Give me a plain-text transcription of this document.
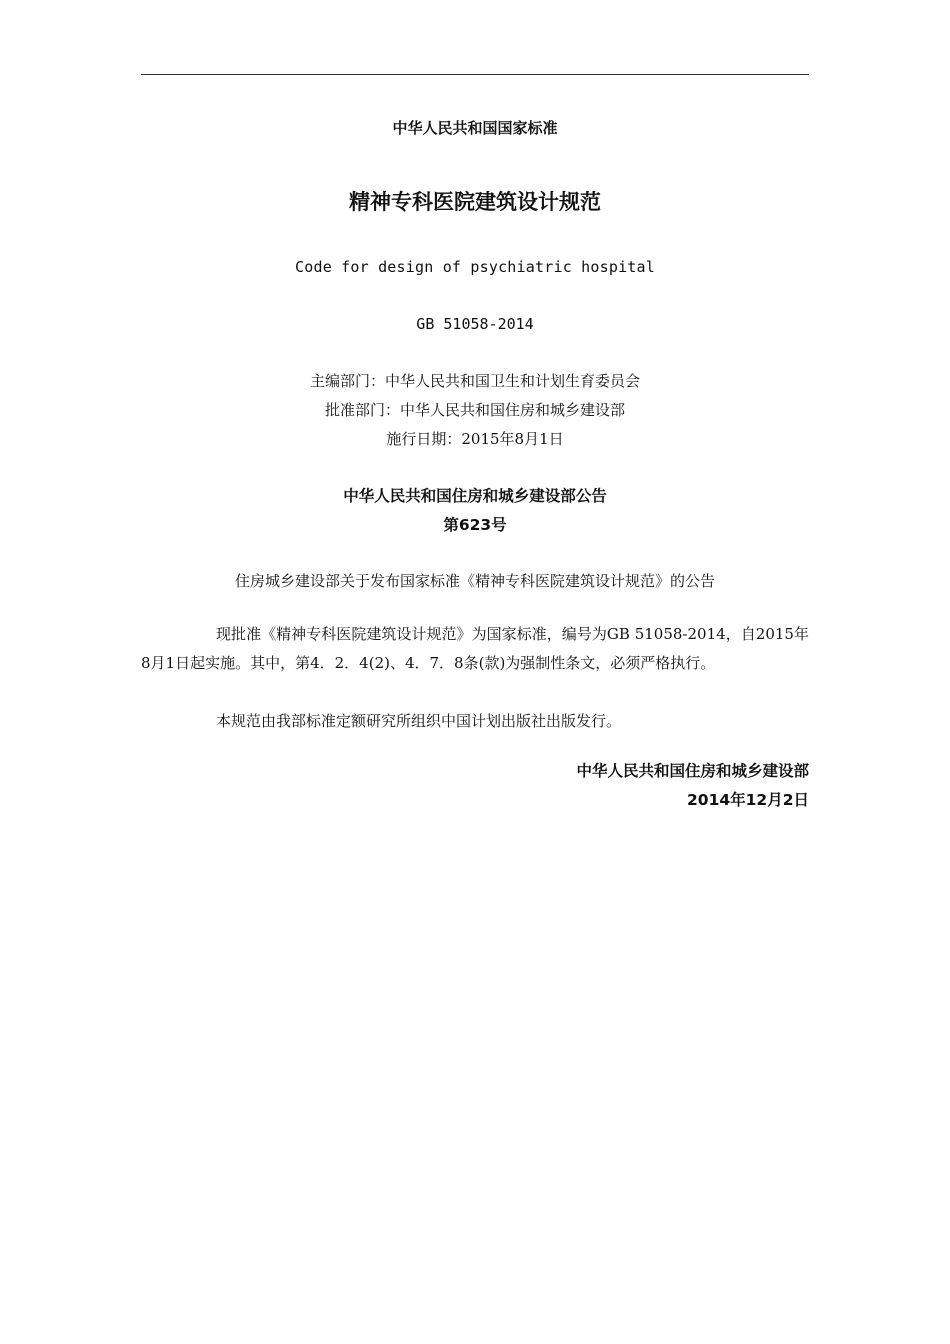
中华人民共和国国家标准
精神专科医院建筑设计规范
Code for design of psychiatric hospital
GB 51058-2014
主编部门：中华人民共和国卫生和计划生育委员会
批准部门：中华人民共和国住房和城乡建设部
施行日期：2015年8月1日
中华人民共和国住房和城乡建设部公告
第623号
住房城乡建设部关于发布国家标准《精神专科医院建筑设计规范》的公告
现批准《精神专科医院建筑设计规范》为国家标准，编号为GB 51058-2014，自2015年8月1日起实施。其中，第4．2．4(2)、4．7．8条(款)为强制性条文，必须严格执行。
本规范由我部标准定额研究所组织中国计划出版社出版发行。
中华人民共和国住房和城乡建设部
2014年12月2日
